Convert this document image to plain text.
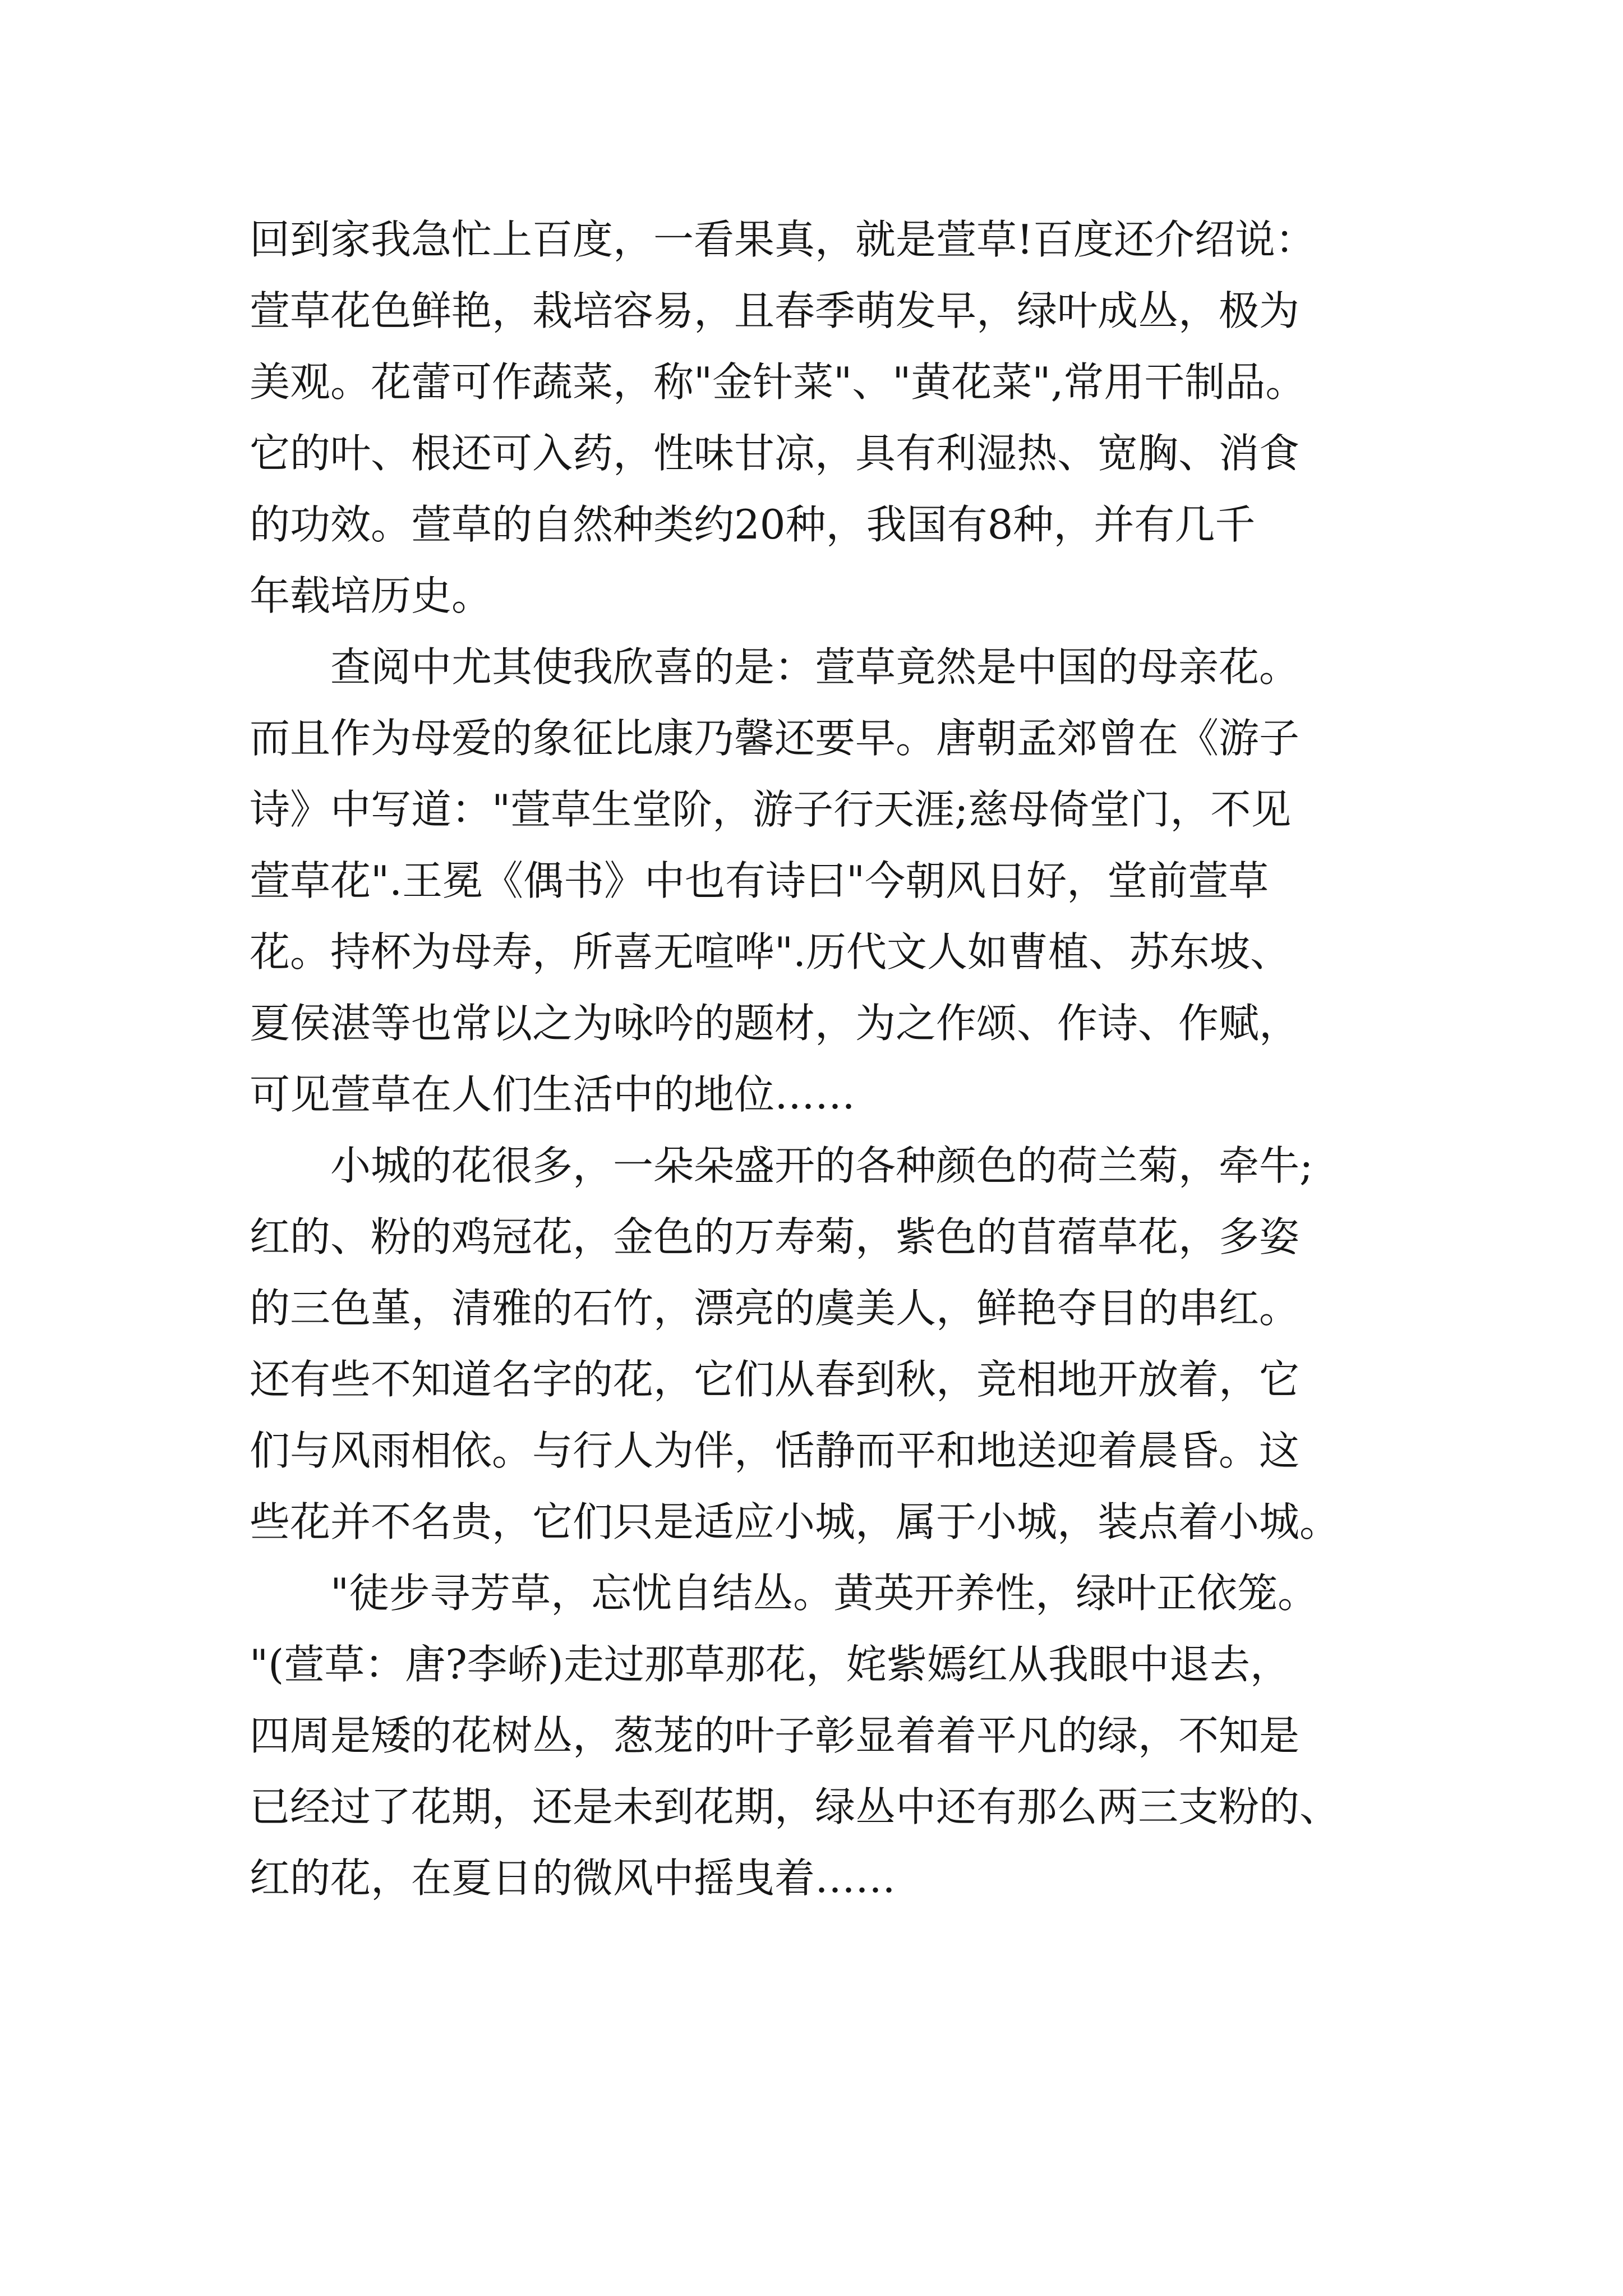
回到家我急忙上百度，一看果真，就是萱草!百度还介绍说：
萱草花色鲜艳，栽培容易，且春季萌发早，绿叶成丛，极为
美观。花蕾可作蔬菜，称"金针菜"、"黄花菜",常用干制品。
它的叶、根还可入药，性味甘凉，具有利湿热、宽胸、消食
的功效。萱草的自然种类约20种，我国有8种，并有几千
年载培历史。
查阅中尤其使我欣喜的是：萱草竟然是中国的母亲花。
而且作为母爱的象征比康乃馨还要早。唐朝孟郊曾在《游子
诗》中写道："萱草生堂阶，游子行天涯;慈母倚堂门，不见
萱草花".王冕《偶书》中也有诗曰"今朝风日好，堂前萱草
花。持杯为母寿，所喜无喧哗".历代文人如曹植、苏东坡、
夏侯湛等也常以之为咏吟的题材，为之作颂、作诗、作赋，
可见萱草在人们生活中的地位……
小城的花很多，一朵朵盛开的各种颜色的荷兰菊，牵牛;
红的、粉的鸡冠花，金色的万寿菊，紫色的苜蓿草花，多姿
的三色堇，清雅的石竹，漂亮的虞美人，鲜艳夺目的串红。
还有些不知道名字的花，它们从春到秋，竞相地开放着，它
们与风雨相依。与行人为伴，恬静而平和地送迎着晨昏。这
些花并不名贵，它们只是适应小城，属于小城，装点着小城。
"徒步寻芳草，忘忧自结丛。黄英开养性，绿叶正依笼。
"(萱草：唐?李峤)走过那草那花，姹紫嫣红从我眼中退去，
四周是矮的花树丛，葱茏的叶子彰显着着平凡的绿，不知是
已经过了花期，还是未到花期，绿丛中还有那么两三支粉的、
红的花，在夏日的微风中摇曳着……
